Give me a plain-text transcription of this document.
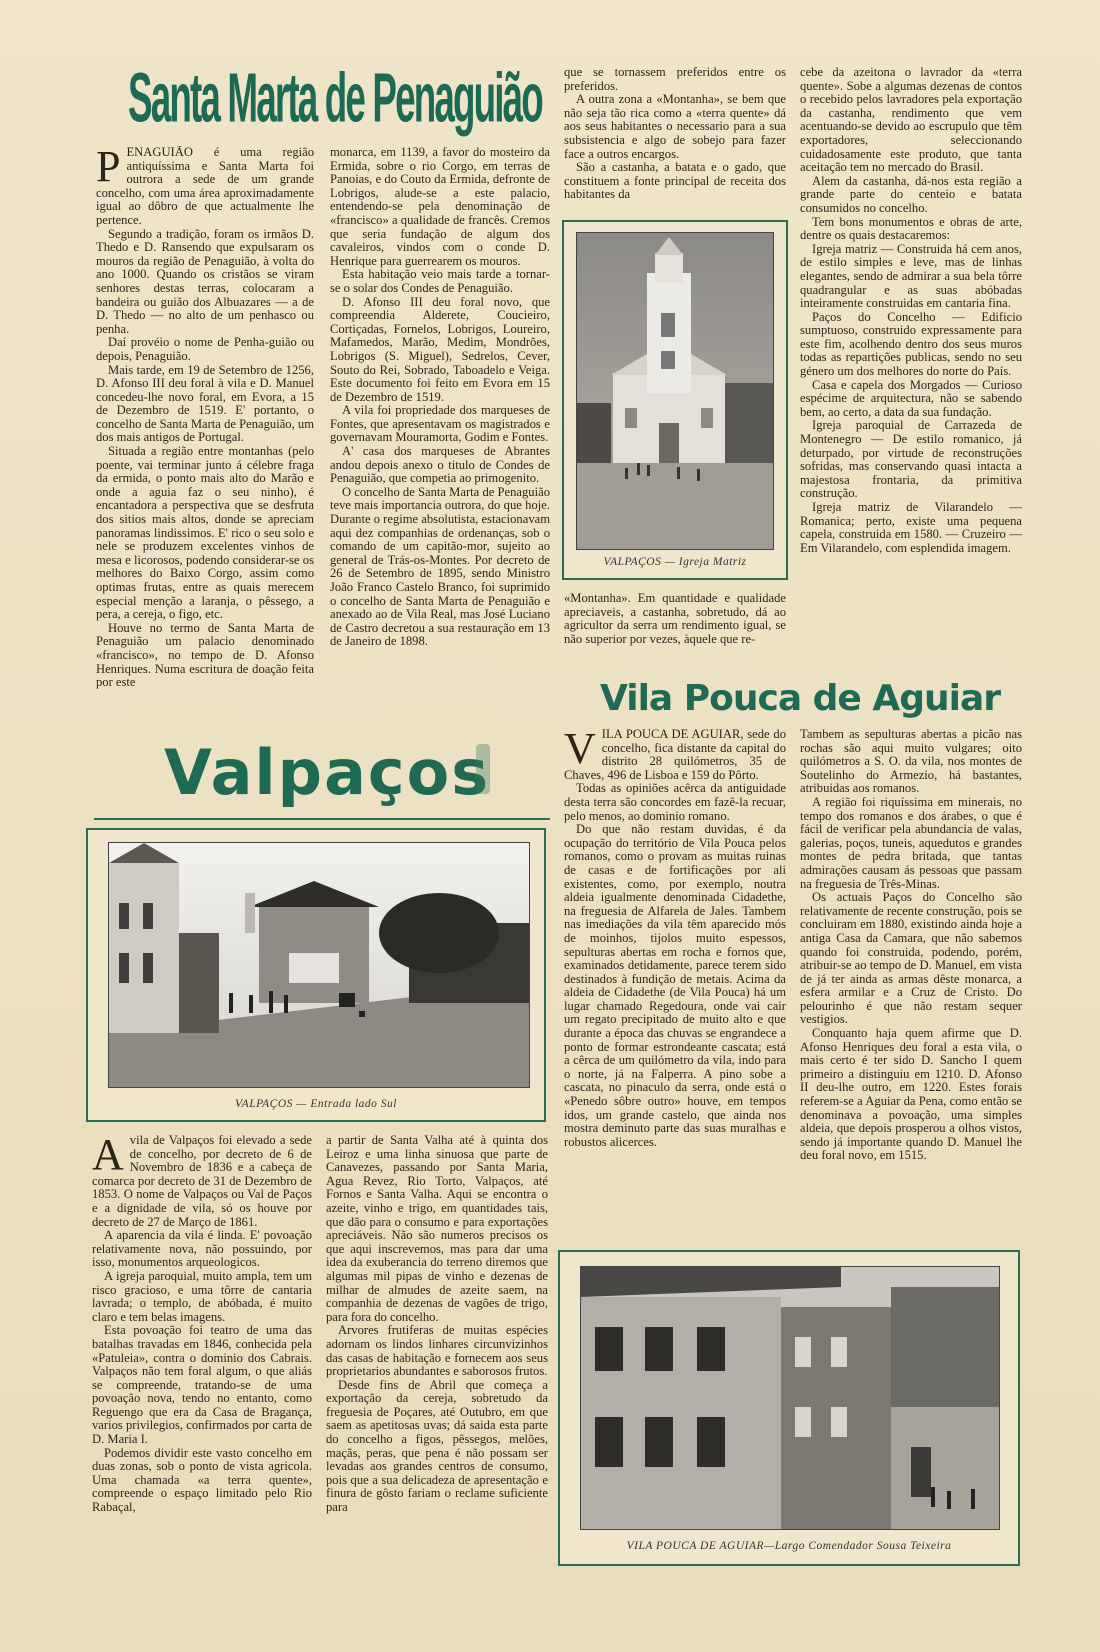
Santa Marta de Penaguião
P ENAGUIÃO é uma região antiquíssima e Santa Marta foi outrora a sede de um grande concelho, com uma área aproximadamente igual ao dôbro de que actualmente lhe pertence.

Segundo a tradição, foram os irmãos D. Thedo e D. Ransendo que expulsaram os mouros da região de Penaguião, à volta do ano 1000. Quando os cristãos se viram senhores destas terras, colocaram a bandeira ou guião dos Albuazares — a de D. Thedo — no alto de um penhasco ou penha.

Daí provéio o nome de Penha-guião ou depois, Penaguião.

Mais tarde, em 19 de Setembro de 1256, D. Afonso III deu foral à vila e D. Manuel concedeu-lhe novo foral, em Evora, a 15 de Dezembro de 1519. E' portanto, o concelho de Santa Marta de Penaguião, um dos mais antigos de Portugal.

Situada a região entre montanhas (pelo poente, vai terminar junto á célebre fraga da ermida, o ponto mais alto do Marão e onde a aguia faz o seu ninho), é encantadora a perspectiva que se desfruta dos sitios mais altos, donde se apreciam panoramas lindissimos. E' rico o seu solo e nele se produzem excelentes vinhos de mesa e licorosos, podendo considerar-se os melhores do Baixo Corgo, assim como optimas frutas, entre as quais merecem especial menção a laranja, o pêssego, a pera, a cereja, o figo, etc.

Houve no termo de Santa Marta de Penaguião um palacio denominado «francisco», no tempo de D. Afonso Henriques. Numa escritura de doação feita por este

monarca, em 1139, a favor do mosteiro da Ermida, sobre o rio Corgo, em terras de Panoias, e do Couto da Ermida, defronte de Lobrigos, alude-se a este palacio, entendendo-se pela denominação de «francisco» a qualidade de francês. Cremos que seria fundação de algum dos cavaleiros, vindos com o conde D. Henrique para guerrearem os mouros.

Esta habitação veio mais tarde a tornar-se o solar dos Condes de Penaguião.

D. Afonso III deu foral novo, que compreendia Alderete, Coucieiro, Cortiçadas, Fornelos, Lobrigos, Loureiro, Mafamedos, Marão, Medim, Mondrões, Lobrigos (S. Miguel), Sedrelos, Cever, Souto do Rei, Sobrado, Taboadelo e Veiga. Este documento foi feito em Evora em 15 de Dezembro de 1519.

A vila foi propriedade dos marqueses de Fontes, que apresentavam os magistrados e governavam Mouramorta, Godim e Fontes.

A' casa dos marqueses de Abrantes andou depois anexo o titulo de Condes de Penaguião, que competia ao primogenito.

O concelho de Santa Marta de Penaguião teve mais importancia outrora, do que hoje. Durante o regime absolutista, estacionavam aqui dez companhias de ordenanças, sob o comando de um capitão-mor, sujeito ao general de Trás-os-Montes. Por decreto de 26 de Setembro de 1895, sendo Ministro João Franco Castelo Branco, foi suprimido o concelho de Santa Marta de Penaguião e anexado ao de Vila Real, mas José Luciano de Castro decretou a sua restauração em 13 de Janeiro de 1898.

que se tornassem preferidos entre os preferidos.

A outra zona a «Montanha», se bem que não seja tão rica como a «terra quente» dá aos seus habitantes o necessario para a sua subsistencia e algo de sobejo para fazer face a outros encargos.

São a castanha, a batata e o gado, que constituem a fonte principal de receita dos habitantes da

VALPAÇOS — Igreja Matriz

«Montanha». Em quantidade e qualidade apreciaveis, a castanha, sobretudo, dá ao agricultor da serra um rendimento igual, se não superior por vezes, àquele que re-

cebe da azeitona o lavrador da «terra quente». Sobe a algumas dezenas de contos o recebido pelos lavradores pela exportação da castanha, rendimento que vem acentuando-se devido ao escrupulo que têm exportadores, seleccionando cuidadosamente este produto, que tanta aceitação tem no mercado do Brasil.

Alem da castanha, dá-nos esta região a grande parte do centeio e batata consumidos no concelho.

Tem bons monumentos e obras de arte, dentre os quais destacaremos:

Igreja matriz — Construida há cem anos, de estilo simples e leve, mas de linhas elegantes, sendo de admirar a sua bela tôrre quadrangular e as suas abóbadas inteiramente construidas em cantaria fina.

Paços do Concelho — Edificio sumptuoso, construido expressamente para este fim, acolhendo dentro dos seus muros todas as repartições publicas, sendo no seu género um dos melhores do norte do País.

Casa e capela dos Morgados — Curioso espécime de arquitectura, não se sabendo bem, ao certo, a data da sua fundação.

Igreja paroquial de Carrazeda de Montenegro — De estilo romanico, já deturpado, por virtude de reconstruções sofridas, mas conservando quasi intacta a majestosa frontaria, da primitiva construção.

Igreja matriz de Vilarandelo — Romanica; perto, existe uma pequena capela, construida em 1580. — Cruzeiro — Em Vilarandelo, com esplendida imagem.

Vila Pouca de Aguiar
V ILA POUCA DE AGUIAR, sede do concelho, fica distante da capital do distrito 28 quilómetros, 35 de Chaves, 496 de Lisboa e 159 do Pôrto.

Todas as opiniões acêrca da antiguidade desta terra são concordes em fazê-la recuar, pelo menos, ao dominio romano.

Do que não restam duvidas, é da ocupação do território de Vila Pouca pelos romanos, como o provam as muitas ruinas de casas e de fortificações por ali existentes, como, por exemplo, noutra aldeia igualmente denominada Cidadethe, na freguesia de Alfarela de Jales. Tambem nas imediações da vila têm aparecido mós de moinhos, tijolos muito espessos, sepulturas abertas em rocha e fornos que, examinados detidamente, parece terem sido destinados à fundição de metais. Acima da aldeia de Cidadethe (de Vila Pouca) há um lugar chamado Regedoura, onde vai cair um regato precipitado de muito alto e que durante a época das chuvas se engrandece a ponto de formar estrondeante cascata; está a cêrca de um quilómetro da vila, indo para o norte, já na Falperra. A pino sobe a cascata, no pinaculo da serra, onde está o «Penedo sôbre outro» houve, em tempos idos, um grande castelo, que ainda nos mostra deminuto parte das suas muralhas e robustos alicerces.

Tambem as sepulturas abertas a picão nas rochas são aqui muito vulgares; oito quilómetros a S. O. da vila, nos montes de Soutelinho do Armezio, há bastantes, atribuidas aos romanos.

A região foi riquíssima em minerais, no tempo dos romanos e dos árabes, o que é fácil de verificar pela abundancia de valas, galerias, poços, tuneis, aquedutos e grandes montes de pedra britada, que tantas admirações causam ás pessoas que passam na freguesia de Três-Minas.

Os actuais Paços do Concelho são relativamente de recente construção, pois se concluiram em 1880, existindo ainda hoje a antiga Casa da Camara, que não sabemos quando foi construida, podendo, porém, atribuir-se ao tempo de D. Manuel, em vista de já ter ainda as armas dêste monarca, a esfera armilar e a Cruz de Cristo. Do pelourinho é que não restam sequer vestigios.

Conquanto haja quem afirme que D. Afonso Henriques deu foral a esta vila, o mais certo é ter sido D. Sancho I quem primeiro a distinguiu em 1210. D. Afonso II deu-lhe outro, em 1220. Estes forais referem-se a Aguiar da Pena, como então se denominava a povoação, uma simples aldeia, que depois prosperou a olhos vistos, sendo já importante quando D. Manuel lhe deu foral novo, em 1515.

Valpaços
VALPAÇOS — Entrada lado Sul
A vila de Valpaços foi elevado a sede de concelho, por decreto de 6 de Novembro de 1836 e a cabeça de comarca por decreto de 31 de Dezembro de 1853. O nome de Valpaços ou Val de Paços e a dignidade de vila, só os houve por decreto de 27 de Março de 1861.

A aparencia da vila é linda. E' povoação relativamente nova, não possuindo, por isso, monumentos arqueologicos.

A igreja paroquial, muito ampla, tem um risco gracioso, e uma tôrre de cantaria lavrada; o templo, de abóbada, é muito claro e tem belas imagens.

Esta povoação foi teatro de uma das batalhas travadas em 1846, conhecida pela «Patuleia», contra o dominio dos Cabrais. Valpaços não tem foral algum, o que aliás se compreende, tratando-se de uma povoação nova, tendo no entanto, como Reguengo que era da Casa de Bragança, varios privilegios, confirmados por carta de D. Maria I.

Podemos dividir este vasto concelho em duas zonas, sob o ponto de vista agricola. Uma chamada «a terra quente», compreende o espaço limitado pelo Rio Rabaçal,

a partir de Santa Valha até à quinta dos Leiroz e uma linha sinuosa que parte de Canavezes, passando por Santa Maria, Agua Revez, Rio Torto, Valpaços, até Fornos e Santa Valha. Aqui se encontra o azeite, vinho e trigo, em quantidades tais, que dão para o consumo e para exportações apreciáveis. Não são numeros precisos os que aqui inscrevemos, mas para dar uma idea da exuberancia do terreno diremos que algumas mil pipas de vinho e dezenas de milhar de almudes de azeite saem, na companhia de dezenas de vagões de trigo, para fora do concelho.

Arvores frutiferas de muitas espécies adornam os lindos linhares circunvizinhos das casas de habitação e fornecem aos seus proprietarios abundantes e saborosos frutos.

Desde fins de Abril que começa a exportação da cereja, sobretudo da freguesia de Poçares, até Outubro, em que saem as apetitosas uvas; dá saida esta parte do concelho a figos, pêssegos, melões, maçãs, peras, que pena é não possam ser levadas aos grandes centros de consumo, pois que a sua delicadeza de apresentação e finura de gôsto fariam o reclame suficiente para

VILA POUCA DE AGUIAR—Largo Comendador Sousa Teixeira
